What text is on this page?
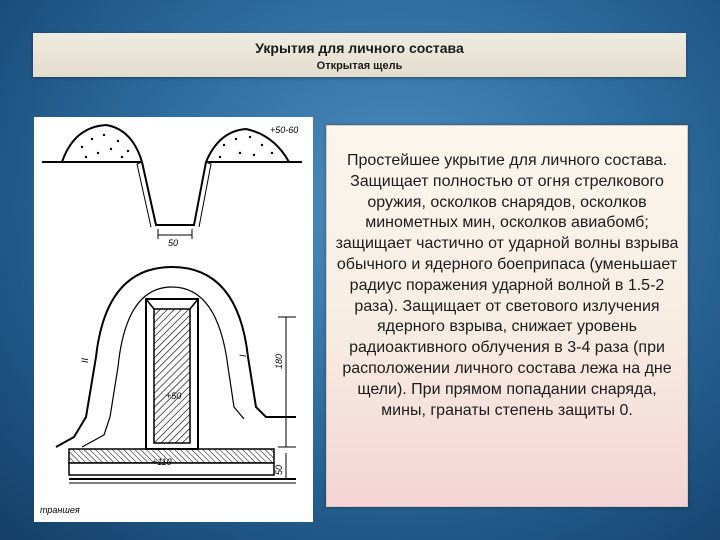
Укрытия для личного состава
Открытая щель
+50-60
50
180
50
+50
+110
II
I
траншея

Простейшее укрытие для личного состава. Защищает полностью от огня стрелкового оружия, осколков снарядов, осколков минометных мин, осколков авиабомб; защищает частично от ударной волны взрыва обычного и ядерного боеприпаса (уменьшает радиус поражения ударной волной в 1.5-2 раза). Защищает от светового излучения ядерного взрыва, снижает уровень радиоактивного облучения в 3-4 раза (при расположении личного состава лежа на дне щели). При прямом попадании снаряда, мины, гранаты степень защиты 0.
